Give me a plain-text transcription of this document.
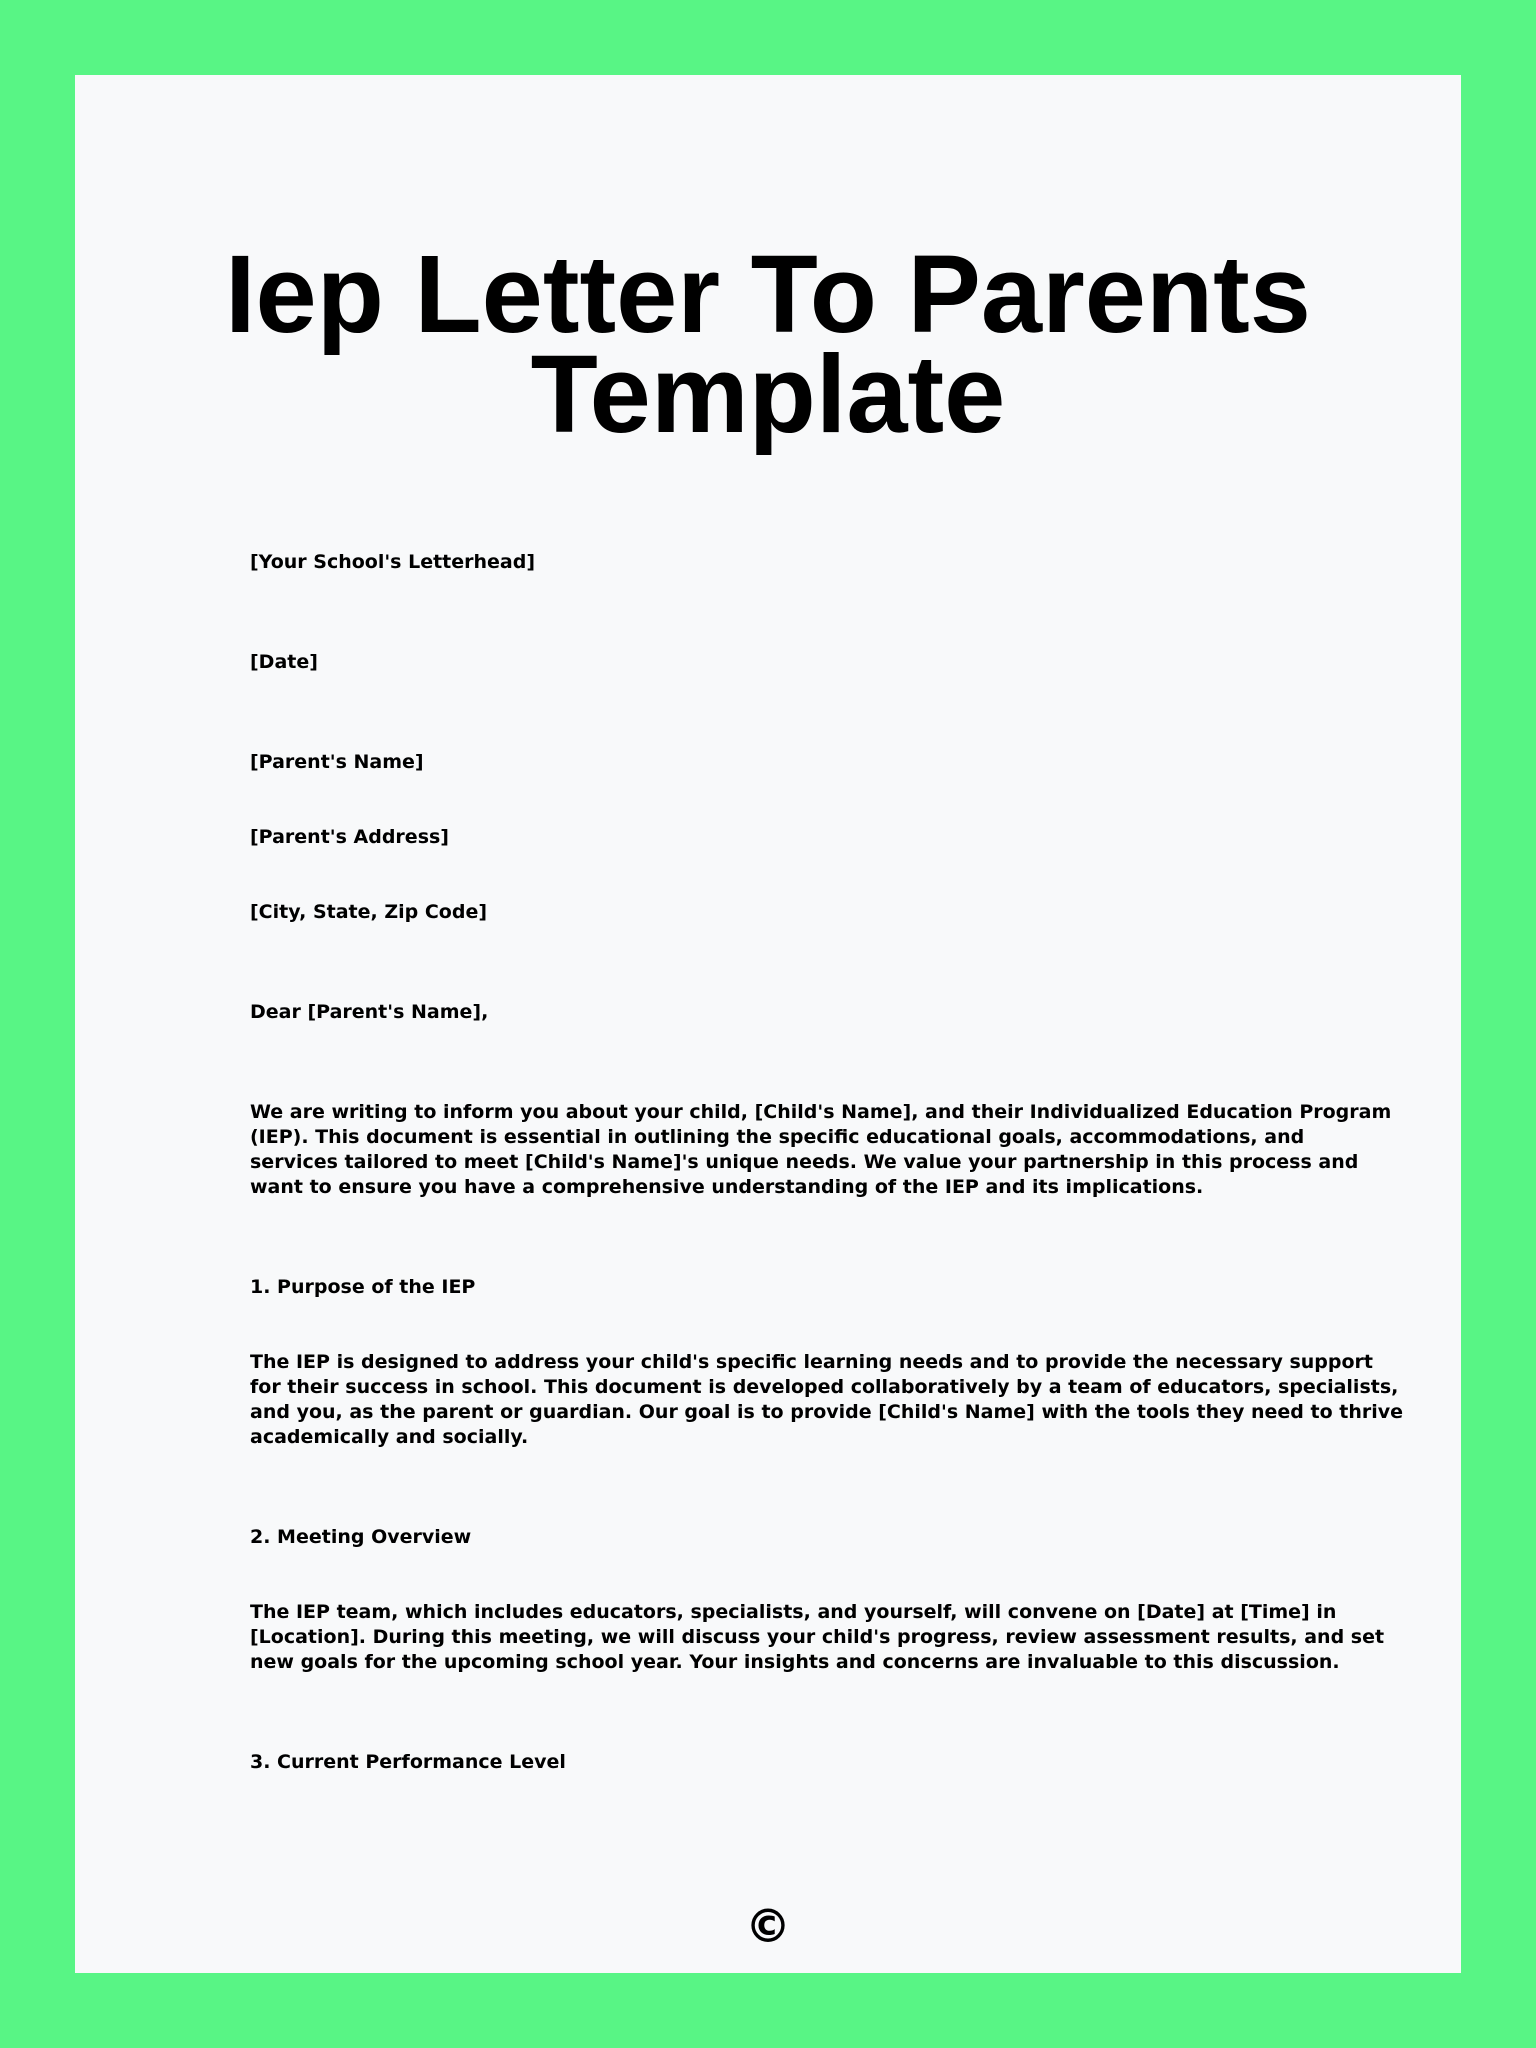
Iep Letter To Parents
Template

[Your School's Letterhead]

[Date]

[Parent's Name]

[Parent's Address]

[City, State, Zip Code]

Dear [Parent's Name],

We are writing to inform you about your child, [Child's Name], and their Individualized Education Program

(IEP). This document is essential in outlining the specific educational goals, accommodations, and

services tailored to meet [Child's Name]'s unique needs. We value your partnership in this process and

want to ensure you have a comprehensive understanding of the IEP and its implications.

1. Purpose of the IEP

The IEP is designed to address your child's specific learning needs and to provide the necessary support

for their success in school. This document is developed collaboratively by a team of educators, specialists,

and you, as the parent or guardian. Our goal is to provide [Child's Name] with the tools they need to thrive

academically and socially.

2. Meeting Overview

The IEP team, which includes educators, specialists, and yourself, will convene on [Date] at [Time] in

[Location]. During this meeting, we will discuss your child's progress, review assessment results, and set

new goals for the upcoming school year. Your insights and concerns are invaluable to this discussion.

3. Current Performance Level

©
